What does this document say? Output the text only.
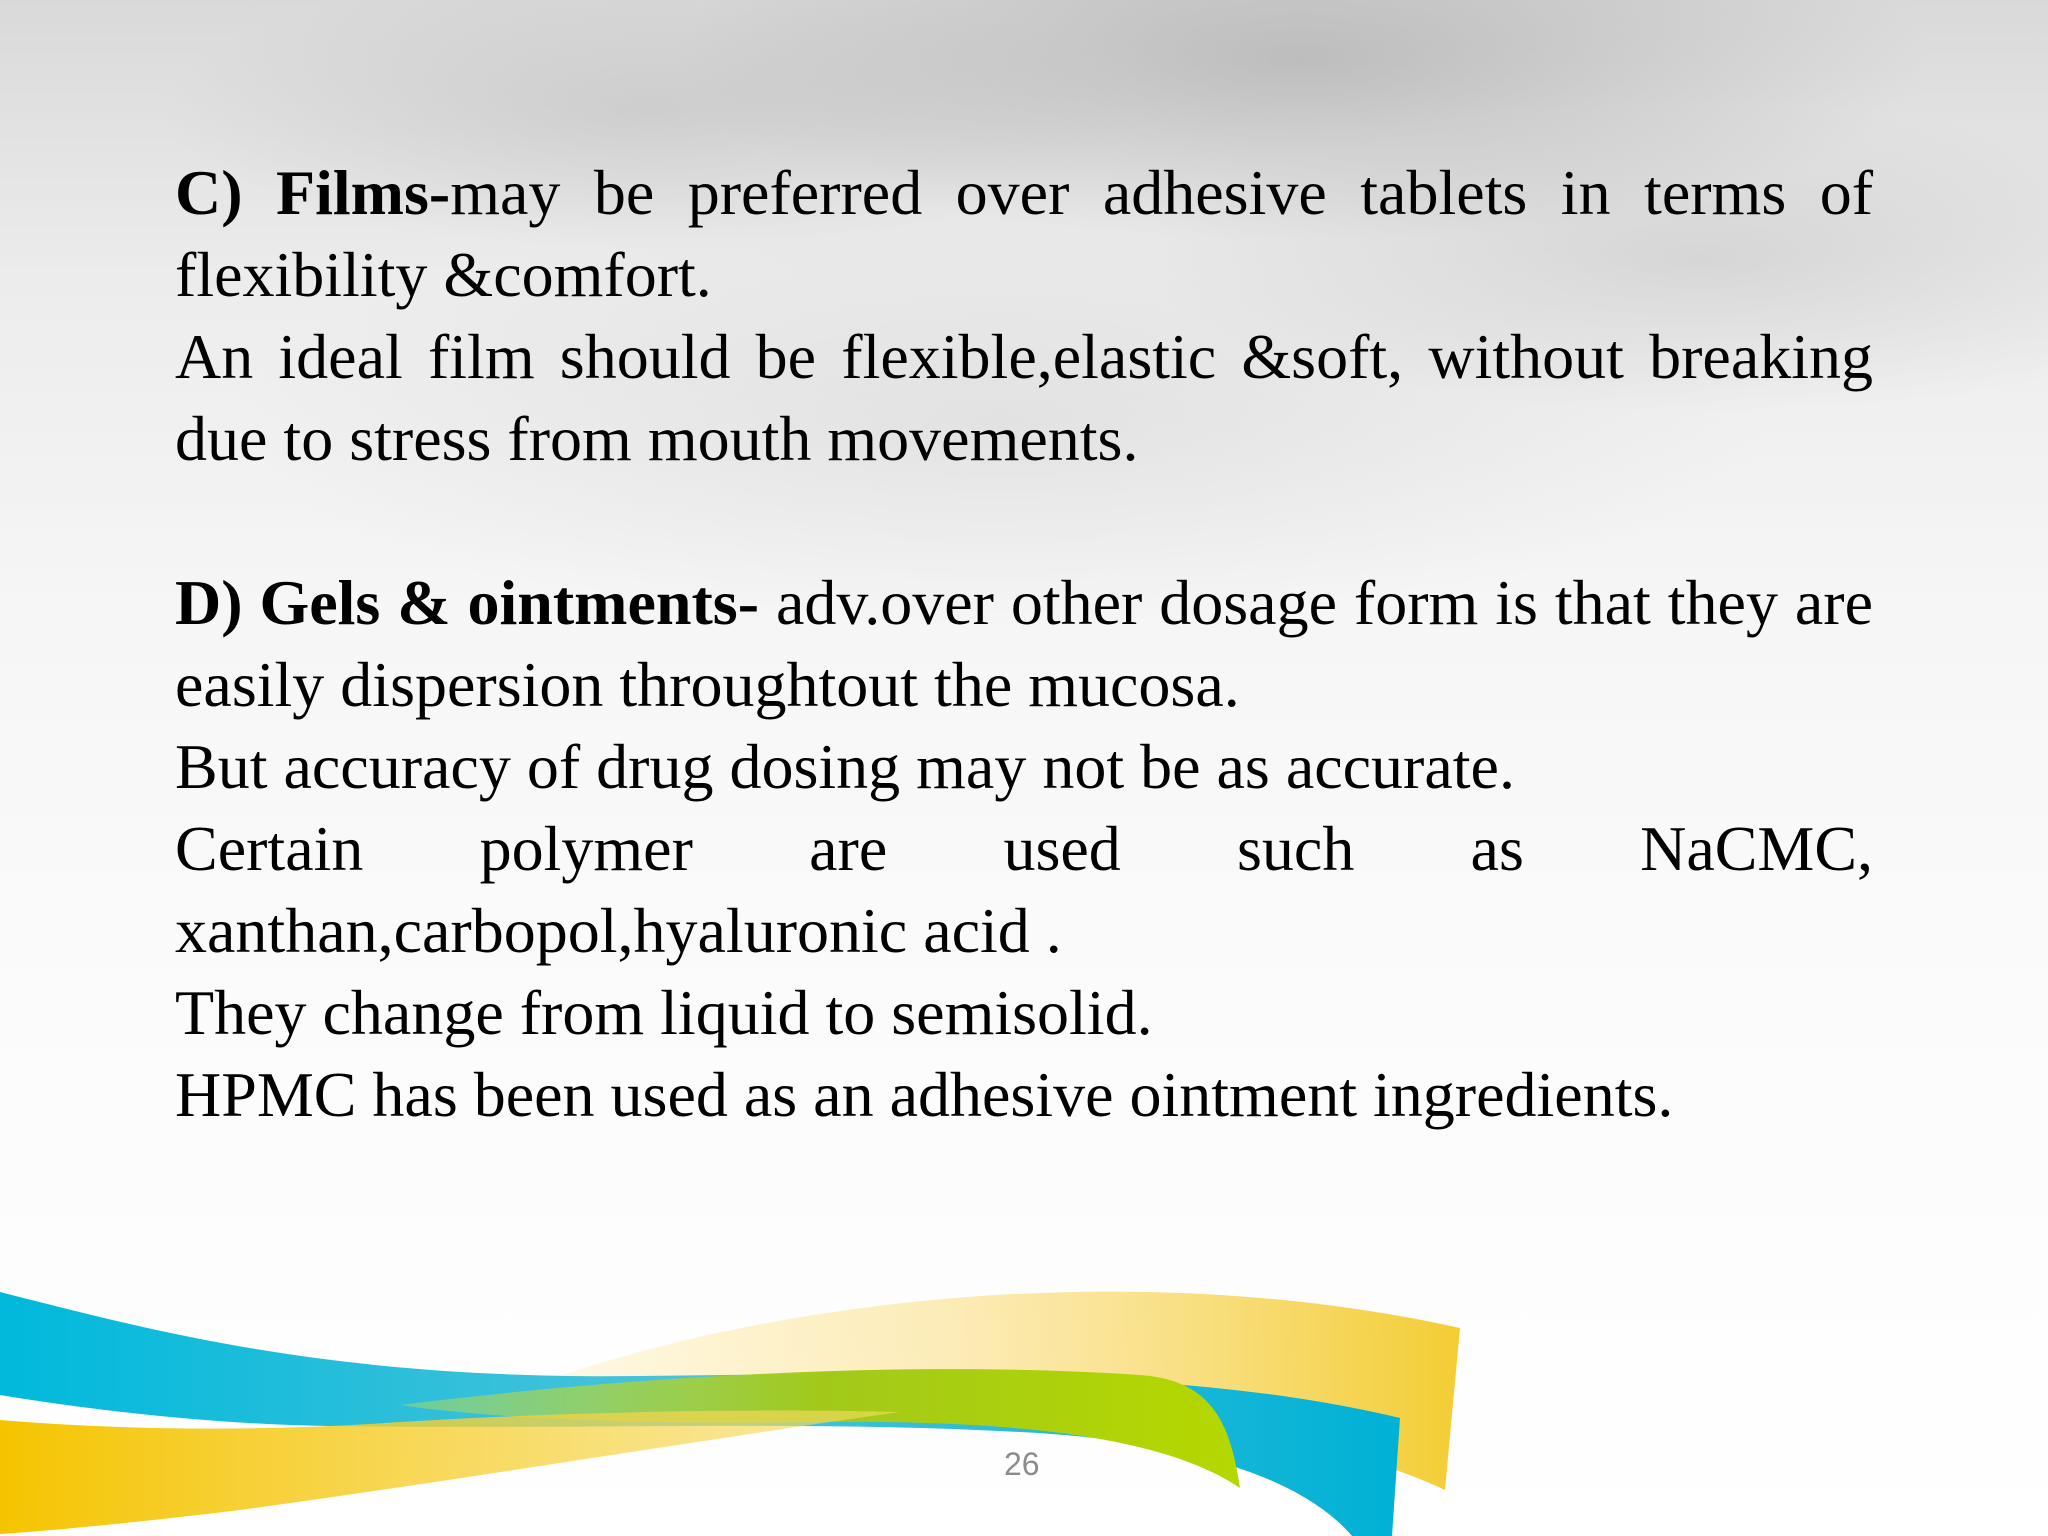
C) Films-may be preferred over adhesive tablets in terms of flexibility &comfort.

An ideal film should be flexible,elastic &soft, without breaking due to stress from mouth movements.

D) Gels & ointments- adv.over other dosage form is that they are easily dispersion throughtout the mucosa.

But accuracy of drug dosing may not be as accurate.

Certain polymer are used such as NaCMC, xanthan,carbopol,hyaluronic acid .

They change from liquid to semisolid.

HPMC has been used as an adhesive ointment ingredients.

26
